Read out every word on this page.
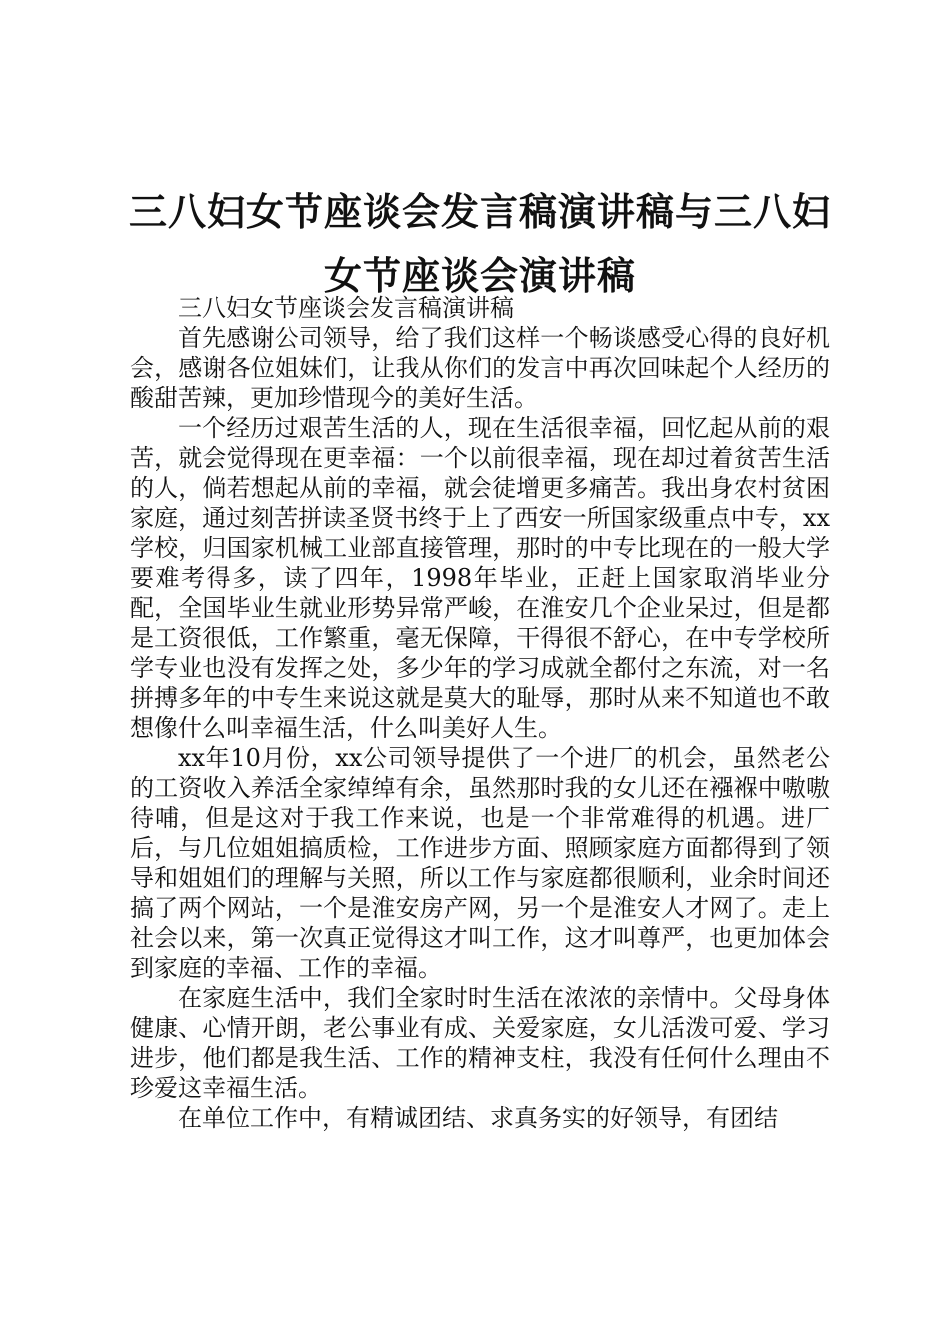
三八妇女节座谈会发言稿演讲稿与三八妇女节座谈会演讲稿

三八妇女节座谈会发言稿演讲稿

首先感谢公司领导，给了我们这样一个畅谈感受心得的良好机会，感谢各位姐妹们，让我从你们的发言中再次回味起个人经历的酸甜苦辣，更加珍惜现今的美好生活。

一个经历过艰苦生活的人，现在生活很幸福，回忆起从前的艰苦，就会觉得现在更幸福：一个以前很幸福，现在却过着贫苦生活的人，倘若想起从前的幸福，就会徒增更多痛苦。我出身农村贫困家庭，通过刻苦拼读圣贤书终于上了西安一所国家级重点中专，xx学校，归国家机械工业部直接管理，那时的中专比现在的一般大学要难考得多，读了四年，1998年毕业，正赶上国家取消毕业分配，全国毕业生就业形势异常严峻，在淮安几个企业呆过，但是都是工资很低，工作繁重，毫无保障，干得很不舒心，在中专学校所学专业也没有发挥之处，多少年的学习成就全都付之东流，对一名拼搏多年的中专生来说这就是莫大的耻辱，那时从来不知道也不敢想像什么叫幸福生活，什么叫美好人生。

xx年10月份，xx公司领导提供了一个进厂的机会，虽然老公的工资收入养活全家绰绰有余，虽然那时我的女儿还在襁褓中嗷嗷待哺，但是这对于我工作来说，也是一个非常难得的机遇。进厂后，与几位姐姐搞质检，工作进步方面、照顾家庭方面都得到了领导和姐姐们的理解与关照，所以工作与家庭都很顺利，业余时间还搞了两个网站，一个是淮安房产网，另一个是淮安人才网了。走上社会以来，第一次真正觉得这才叫工作，这才叫尊严，也更加体会到家庭的幸福、工作的幸福。

在家庭生活中，我们全家时时生活在浓浓的亲情中。父母身体健康、心情开朗，老公事业有成、关爱家庭，女儿活泼可爱、学习进步，他们都是我生活、工作的精神支柱，我没有任何什么理由不珍爱这幸福生活。

在单位工作中，有精诚团结、求真务实的好领导，有团结
